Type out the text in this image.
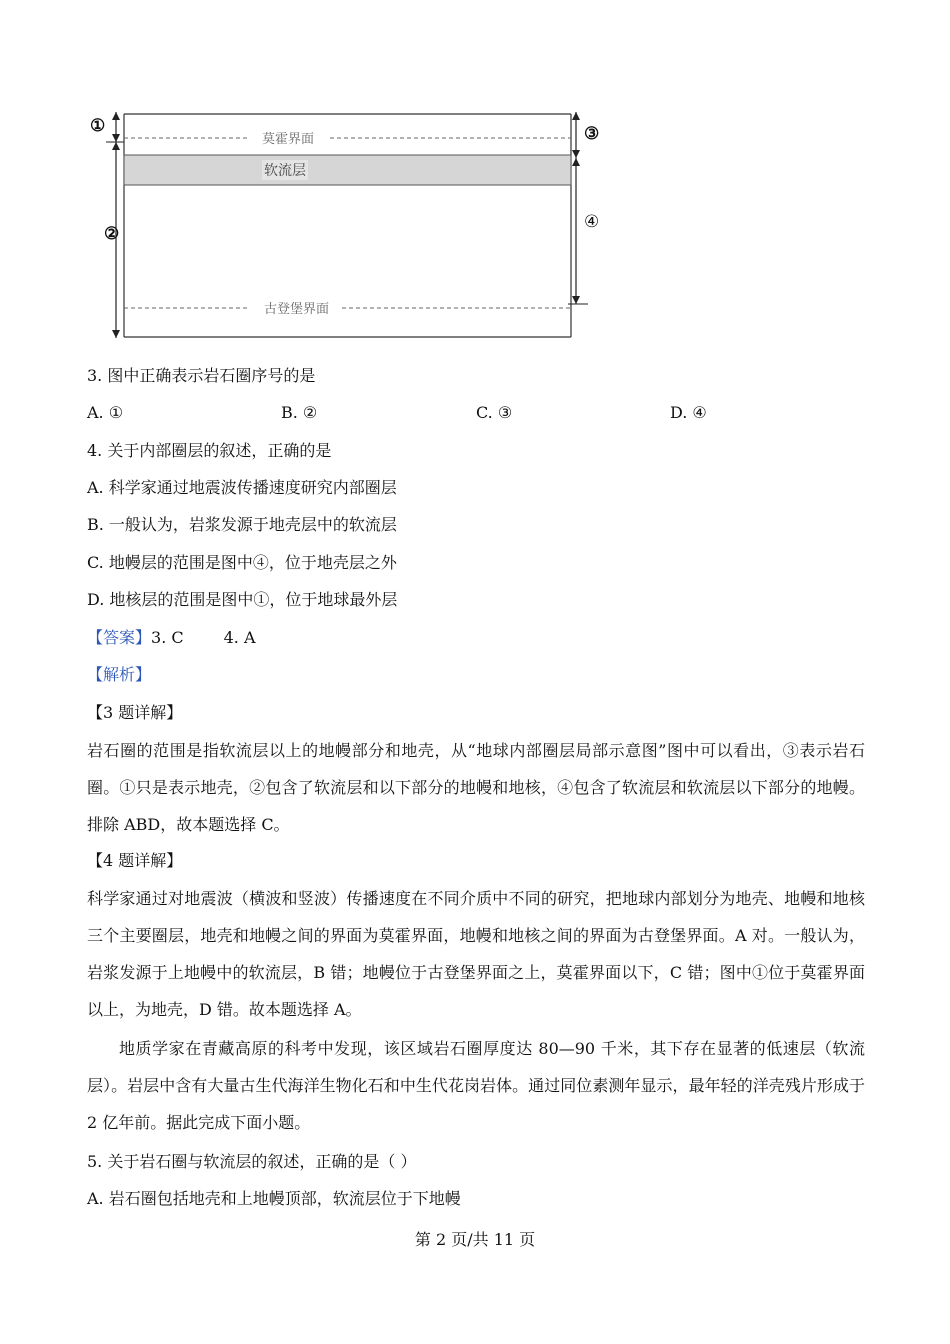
莫霍界面
软流层
古登堡界面
①
②
③
④
3. 图中正确表示岩石圈序号的是
A. ①	B. ②	C. ③	D. ④
4. 关于内部圈层的叙述，正确的是
A. 科学家通过地震波传播速度研究内部圈层
B. 一般认为，岩浆发源于地壳层中的软流层
C. 地幔层的范围是图中④，位于地壳层之外
D. 地核层的范围是图中①，位于地球最外层
【答案】3. C	4. A
【解析】
【3 题详解】
岩石圈的范围是指软流层以上的地幔部分和地壳，从“地球内部圈层局部示意图”图中可以看出，③表示岩石圈。①只是表示地壳，②包含了软流层和以下部分的地幔和地核，④包含了软流层和软流层以下部分的地幔。排除 ABD，故本题选择 C。
【4 题详解】
科学家通过对地震波（横波和竖波）传播速度在不同介质中不同的研究，把地球内部划分为地壳、地幔和地核三个主要圈层，地壳和地幔之间的界面为莫霍界面，地幔和地核之间的界面为古登堡界面。A 对。一般认为，岩浆发源于上地幔中的软流层，B 错；地幔位于古登堡界面之上，莫霍界面以下，C 错；图中①位于莫霍界面以上，为地壳，D 错。故本题选择 A。
地质学家在青藏高原的科考中发现，该区域岩石圈厚度达 80—90 千米，其下存在显著的低速层（软流层）。岩层中含有大量古生代海洋生物化石和中生代花岗岩体。通过同位素测年显示，最年轻的洋壳残片形成于 2 亿年前。据此完成下面小题。
5. 关于岩石圈与软流层的叙述，正确的是（ ）
A. 岩石圈包括地壳和上地幔顶部，软流层位于下地幔
第 2 页/共 11 页
